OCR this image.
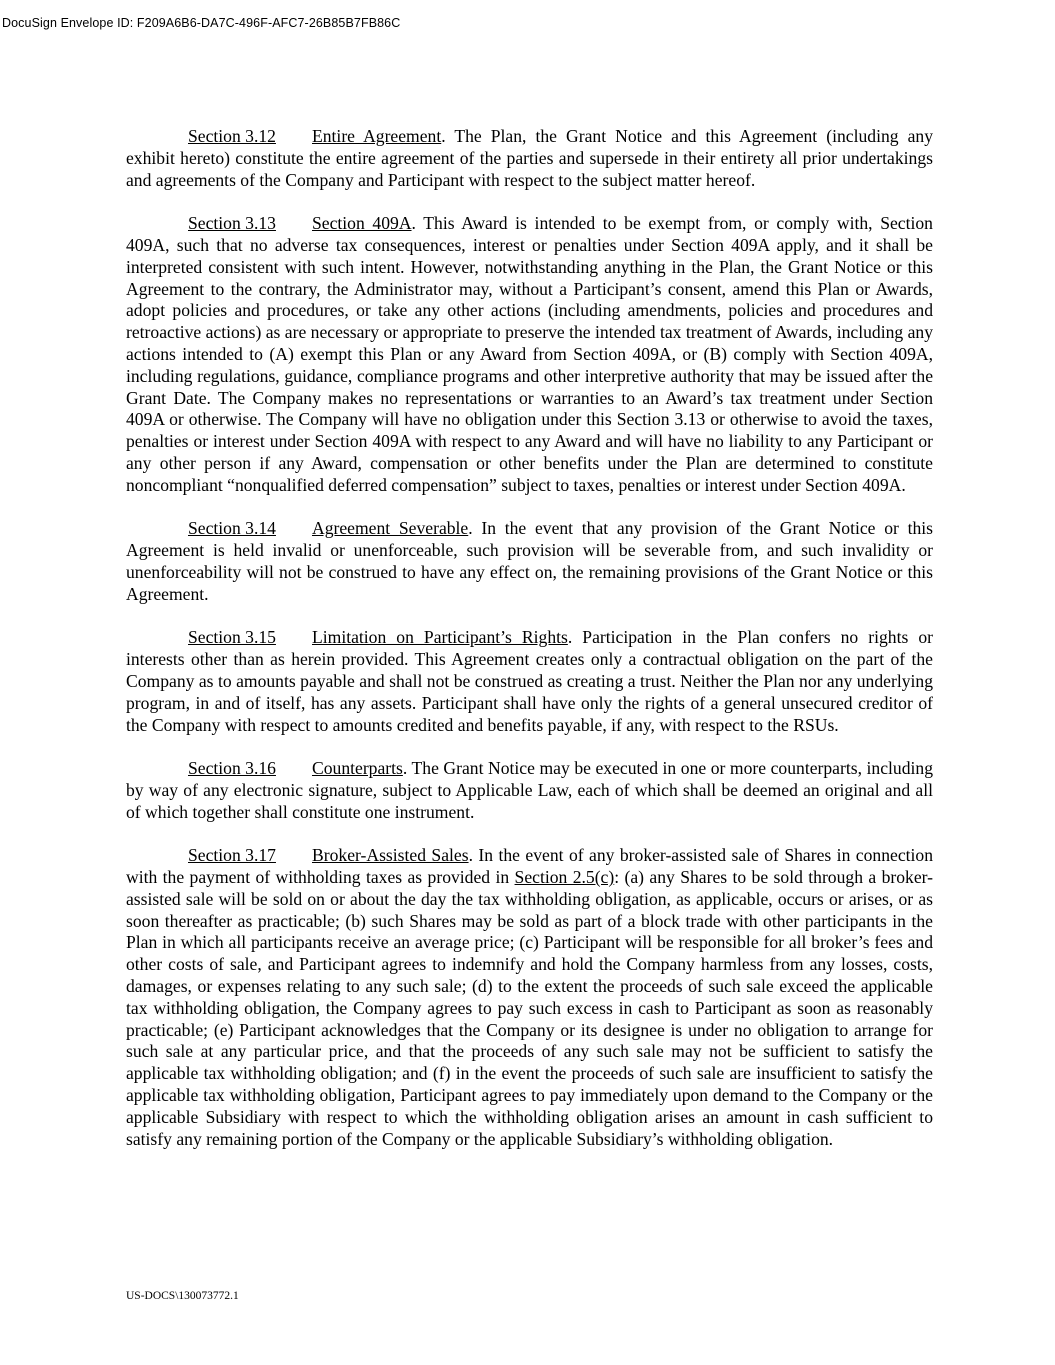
DocuSign Envelope ID: F209A6B6-DA7C-496F-AFC7-26B85B7FB86C

Section 3.12 Entire Agreement. The Plan, the Grant Notice and this Agreement (including any exhibit hereto) constitute the entire agreement of the parties and supersede in their entirety all prior undertakings and agreements of the Company and Participant with respect to the subject matter hereof.

Section 3.13 Section 409A. This Award is intended to be exempt from, or comply with, Section 409A, such that no adverse tax consequences, interest or penalties under Section 409A apply, and it shall be interpreted consistent with such intent. However, notwithstanding anything in the Plan, the Grant Notice or this Agreement to the contrary, the Administrator may, without a Participant’s consent, amend this Plan or Awards, adopt policies and procedures, or take any other actions (including amendments, policies and procedures and retroactive actions) as are necessary or appropriate to preserve the intended tax treatment of Awards, including any actions intended to (A) exempt this Plan or any Award from Section 409A, or (B) comply with Section 409A, including regulations, guidance, compliance programs and other interpretive authority that may be issued after the Grant Date. The Company makes no representations or warranties to an Award’s tax treatment under Section 409A or otherwise. The Company will have no obligation under this Section 3.13 or otherwise to avoid the taxes, penalties or interest under Section 409A with respect to any Award and will have no liability to any Participant or any other person if any Award, compensation or other benefits under the Plan are determined to constitute noncompliant “nonqualified deferred compensation” subject to taxes, penalties or interest under Section 409A.

Section 3.14 Agreement Severable. In the event that any provision of the Grant Notice or this Agreement is held invalid or unenforceable, such provision will be severable from, and such invalidity or unenforceability will not be construed to have any effect on, the remaining provisions of the Grant Notice or this Agreement.

Section 3.15 Limitation on Participant’s Rights. Participation in the Plan confers no rights or interests other than as herein provided. This Agreement creates only a contractual obligation on the part of the Company as to amounts payable and shall not be construed as creating a trust. Neither the Plan nor any underlying program, in and of itself, has any assets. Participant shall have only the rights of a general unsecured creditor of the Company with respect to amounts credited and benefits payable, if any, with respect to the RSUs.

Section 3.16 Counterparts. The Grant Notice may be executed in one or more counterparts, including by way of any electronic signature, subject to Applicable Law, each of which shall be deemed an original and all of which together shall constitute one instrument.

Section 3.17 Broker-Assisted Sales. In the event of any broker-assisted sale of Shares in connection with the payment of withholding taxes as provided in Section 2.5(c): (a) any Shares to be sold through a broker-assisted sale will be sold on or about the day the tax withholding obligation, as applicable, occurs or arises, or as soon thereafter as practicable; (b) such Shares may be sold as part of a block trade with other participants in the Plan in which all participants receive an average price; (c) Participant will be responsible for all broker’s fees and other costs of sale, and Participant agrees to indemnify and hold the Company harmless from any losses, costs, damages, or expenses relating to any such sale; (d) to the extent the proceeds of such sale exceed the applicable tax withholding obligation, the Company agrees to pay such excess in cash to Participant as soon as reasonably practicable; (e) Participant acknowledges that the Company or its designee is under no obligation to arrange for such sale at any particular price, and that the proceeds of any such sale may not be sufficient to satisfy the applicable tax withholding obligation; and (f) in the event the proceeds of such sale are insufficient to satisfy the applicable tax withholding obligation, Participant agrees to pay immediately upon demand to the Company or the applicable Subsidiary with respect to which the withholding obligation arises an amount in cash sufficient to satisfy any remaining portion of the Company or the applicable Subsidiary’s withholding obligation.

US-DOCS\130073772.1
